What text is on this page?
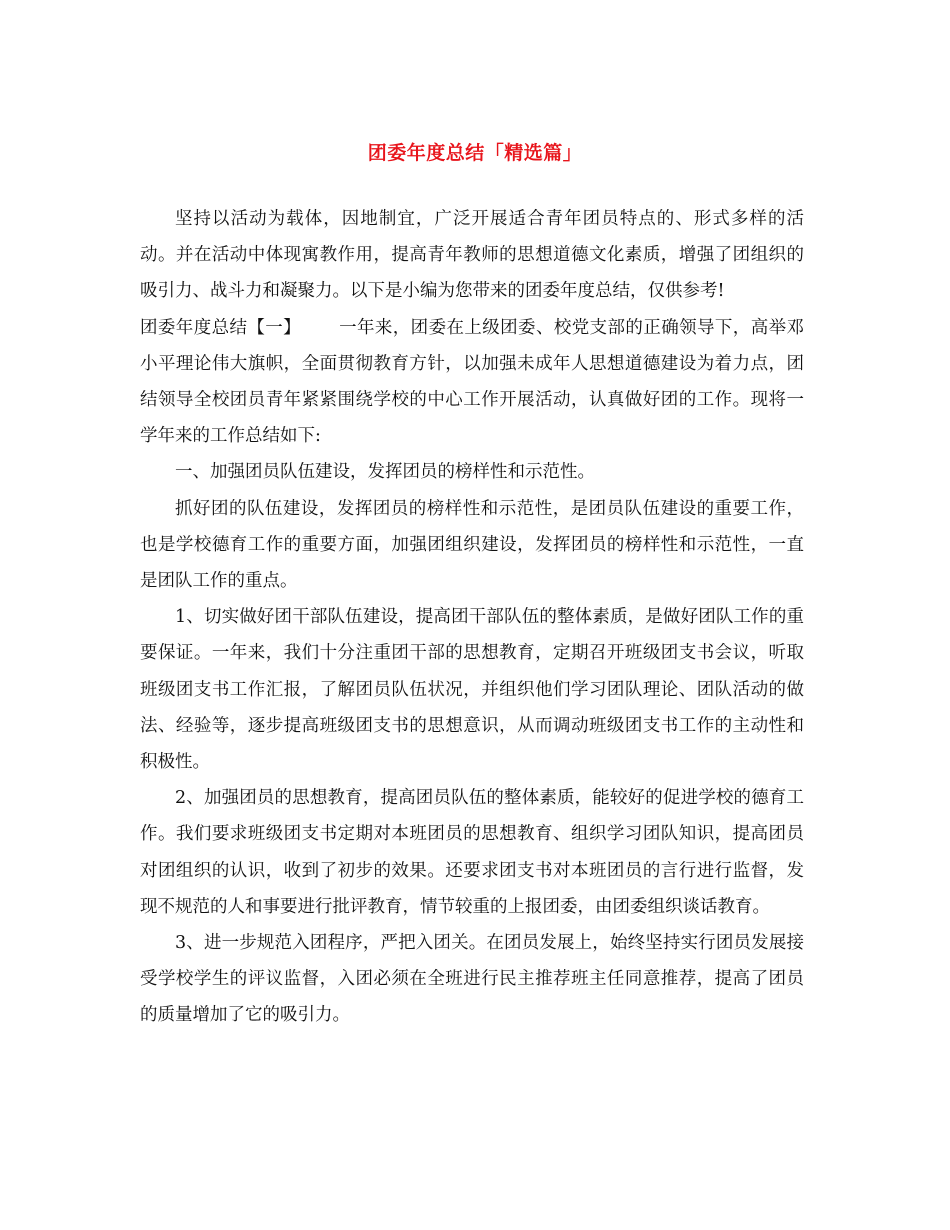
团委年度总结「精选篇」

坚持以活动为载体，因地制宜，广泛开展适合青年团员特点的、形式多样的活动。并在活动中体现寓教作用，提高青年教师的思想道德文化素质，增强了团组织的吸引力、战斗力和凝聚力。以下是小编为您带来的团委年度总结，仅供参考!

团委年度总结【一】 一年来，团委在上级团委、校党支部的正确领导下，高举邓小平理论伟大旗帜，全面贯彻教育方针，以加强未成年人思想道德建设为着力点，团结领导全校团员青年紧紧围绕学校的中心工作开展活动，认真做好团的工作。现将一学年来的工作总结如下:

一、加强团员队伍建设，发挥团员的榜样性和示范性。

抓好团的队伍建设，发挥团员的榜样性和示范性，是团员队伍建设的重要工作，也是学校德育工作的重要方面，加强团组织建设，发挥团员的榜样性和示范性，一直是团队工作的重点。

1、切实做好团干部队伍建设，提高团干部队伍的整体素质，是做好团队工作的重要保证。一年来，我们十分注重团干部的思想教育，定期召开班级团支书会议，听取班级团支书工作汇报，了解团员队伍状况，并组织他们学习团队理论、团队活动的做法、经验等，逐步提高班级团支书的思想意识，从而调动班级团支书工作的主动性和积极性。

2、加强团员的思想教育，提高团员队伍的整体素质，能较好的促进学校的德育工作。我们要求班级团支书定期对本班团员的思想教育、组织学习团队知识，提高团员对团组织的认识，收到了初步的效果。还要求团支书对本班团员的言行进行监督，发现不规范的人和事要进行批评教育，情节较重的上报团委，由团委组织谈话教育。

3、进一步规范入团程序，严把入团关。在团员发展上，始终坚持实行团员发展接受学校学生的评议监督，入团必须在全班进行民主推荐班主任同意推荐，提高了团员的质量增加了它的吸引力。
